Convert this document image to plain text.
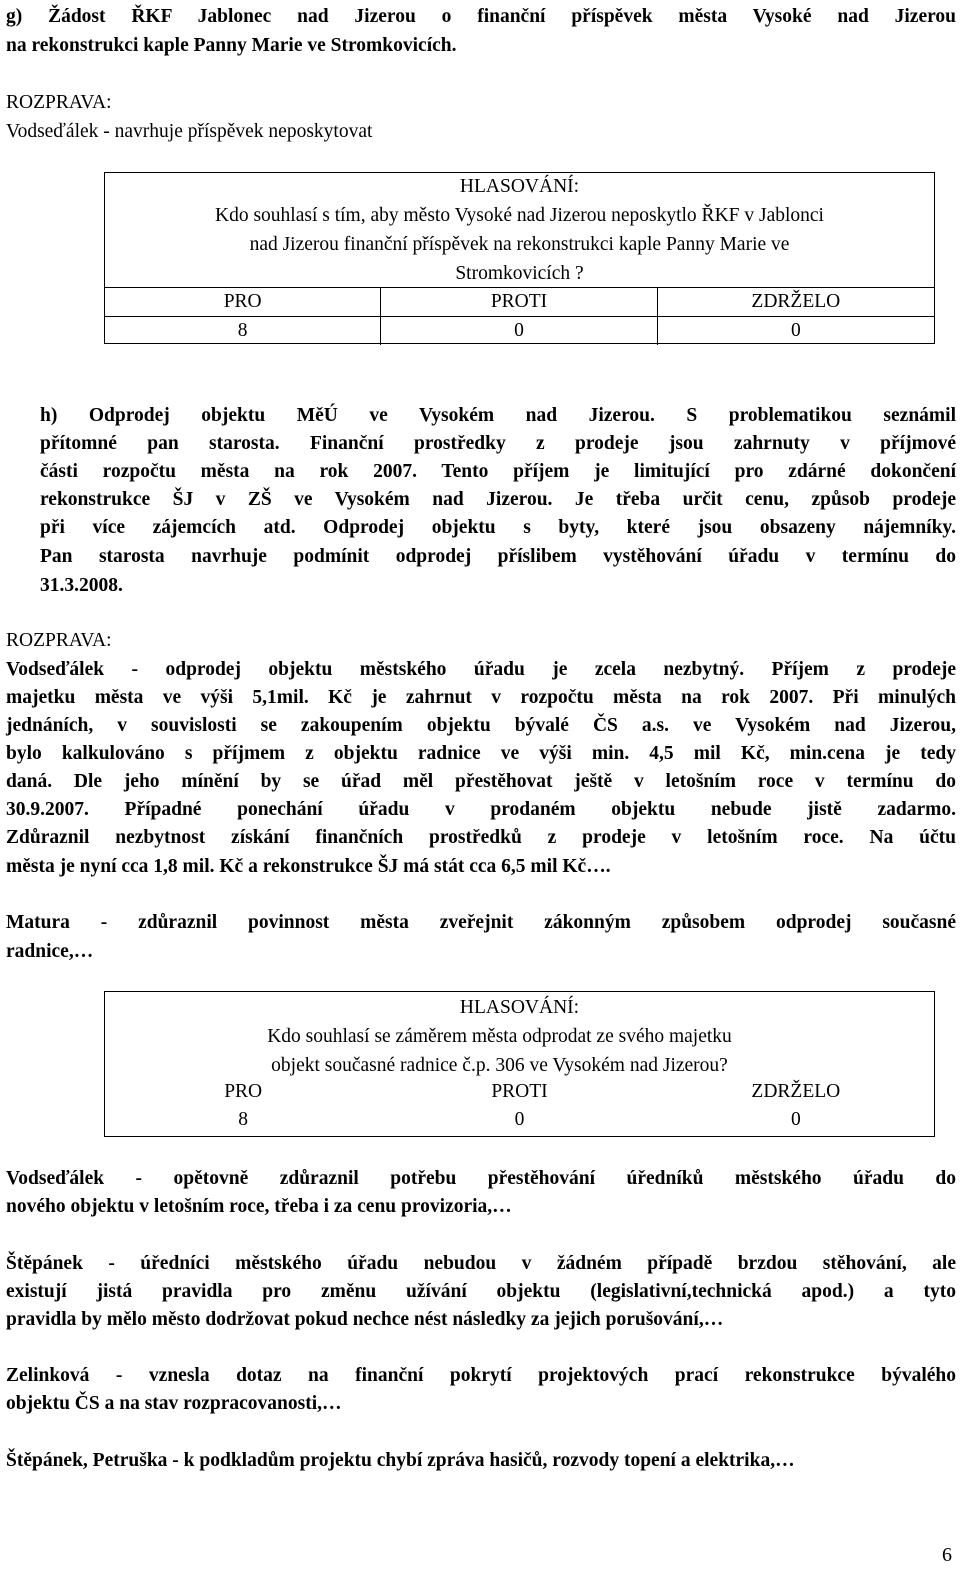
g) Žádost ŘKF Jablonec nad Jizerou o finanční příspěvek města Vysoké nad Jizerou
na rekonstrukci kaple Panny Marie ve Stromkovicích.
ROZPRAVA:
Vodseďálek - navrhuje příspěvek neposkytovat
HLASOVÁNÍ:
Kdo souhlasí s tím, aby město Vysoké nad Jizerou neposkytlo ŘKF v Jablonci
nad Jizerou finanční příspěvek na rekonstrukci kaple Panny Marie ve
Stromkovicích ?
PRO	PROTI	ZDRŽELO
8	0	0
h) Odprodej objektu MěÚ ve Vysokém nad Jizerou. S problematikou seznámil
přítomné pan starosta. Finanční prostředky z prodeje jsou zahrnuty v příjmové
části rozpočtu města na rok 2007. Tento příjem je limitující pro zdárné dokončení
rekonstrukce ŠJ v ZŠ ve Vysokém nad Jizerou. Je třeba určit cenu, způsob prodeje
při více zájemcích atd. Odprodej objektu s byty, které jsou obsazeny nájemníky.
Pan starosta navrhuje podmínit odprodej příslibem vystěhování úřadu v termínu do
31.3.2008.
ROZPRAVA:
Vodseďálek - odprodej objektu městského úřadu je zcela nezbytný. Příjem z prodeje
majetku města ve výši 5,1mil. Kč je zahrnut v rozpočtu města na rok 2007. Při minulých
jednáních, v souvislosti se zakoupením objektu bývalé ČS a.s. ve Vysokém nad Jizerou,
bylo kalkulováno s příjmem z objektu radnice ve výši min. 4,5 mil Kč, min.cena je tedy
daná. Dle jeho mínění by se úřad měl přestěhovat ještě v letošním roce v termínu do
30.9.2007. Případné ponechání úřadu v prodaném objektu nebude jistě zadarmo.
Zdůraznil nezbytnost získání finančních prostředků z prodeje v letošním roce. Na účtu
města je nyní cca 1,8 mil. Kč a rekonstrukce ŠJ má stát cca 6,5 mil Kč….
Matura - zdůraznil povinnost města zveřejnit zákonným způsobem odprodej současné
radnice,…
HLASOVÁNÍ:
Kdo souhlasí se záměrem města odprodat ze svého majetku
objekt současné radnice č.p. 306 ve Vysokém nad Jizerou?
PRO	PROTI	ZDRŽELO
8	0	0
Vodseďálek - opětovně zdůraznil potřebu přestěhování úředníků městského úřadu do
nového objektu v letošním roce, třeba i za cenu provizoria,…
Štěpánek - úředníci městského úřadu nebudou v žádném případě brzdou stěhování, ale
existují jistá pravidla pro změnu užívání objektu (legislativní,technická apod.) a tyto
pravidla by mělo město dodržovat pokud nechce nést následky za jejich porušování,…
Zelinková - vznesla dotaz na finanční pokrytí projektových prací rekonstrukce bývalého
objektu ČS a na stav rozpracovanosti,…
Štěpánek, Petruška - k podkladům projektu chybí zpráva hasičů, rozvody topení a elektrika,…
6
